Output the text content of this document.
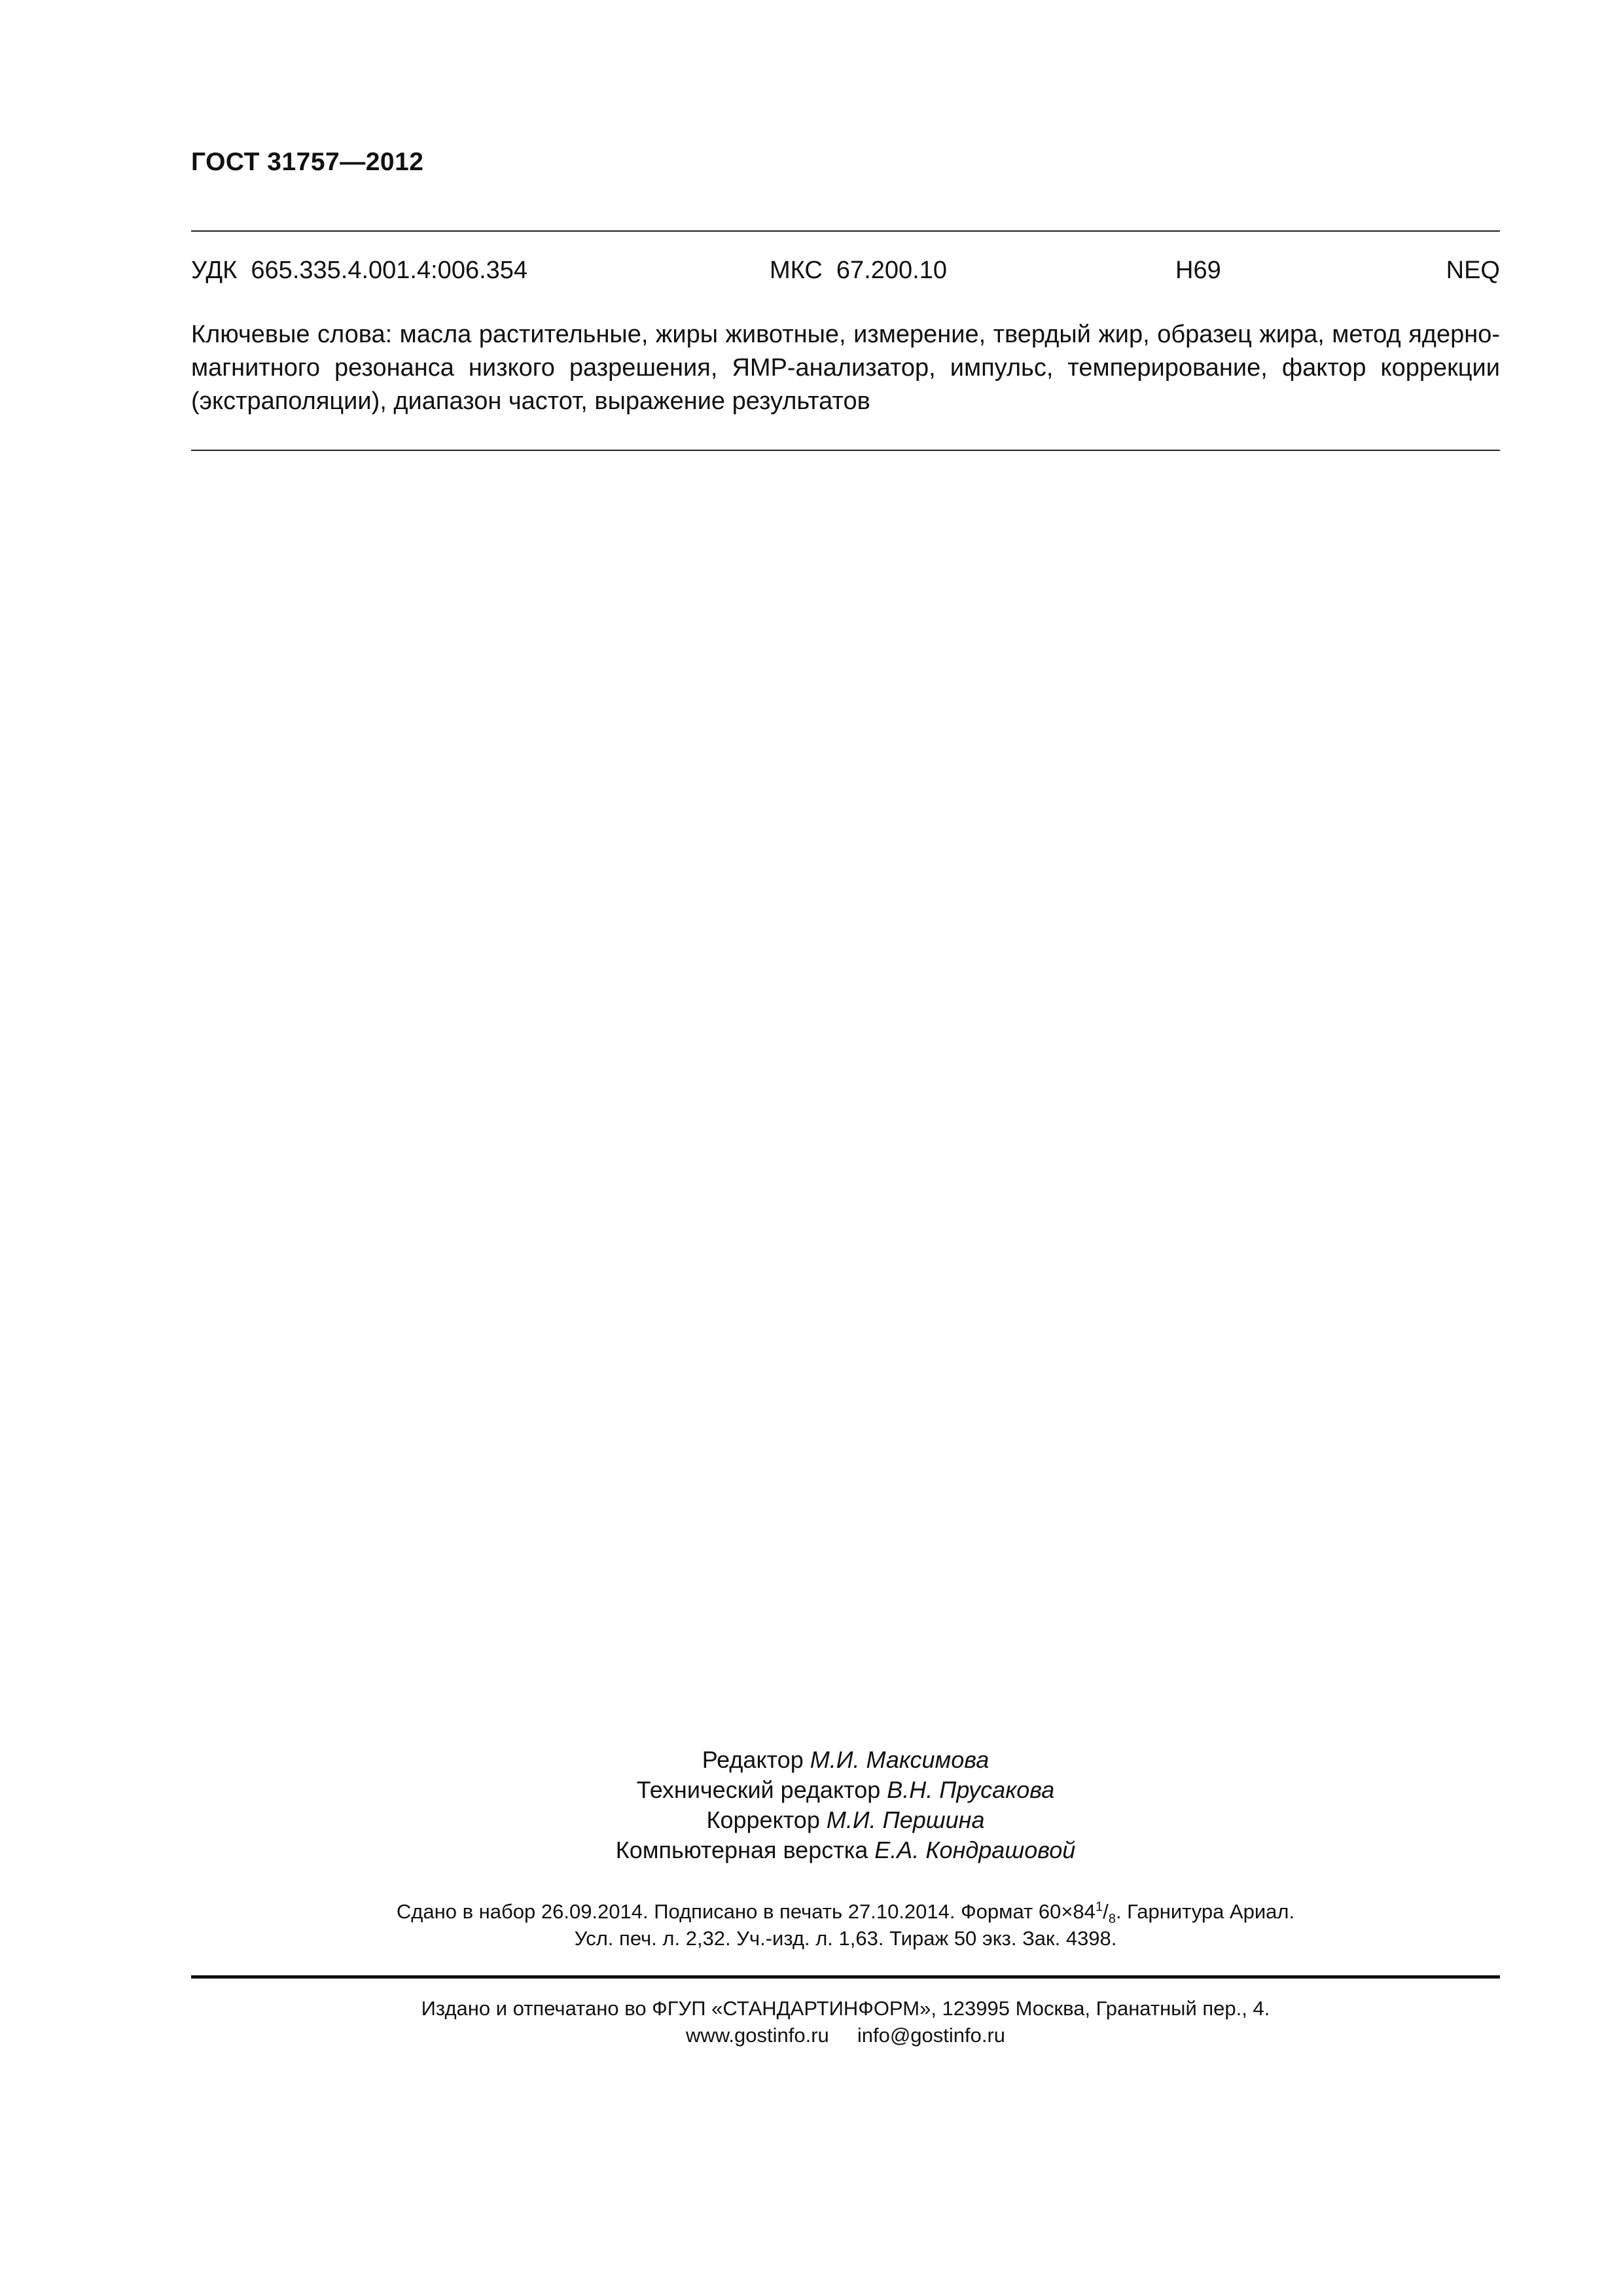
ГОСТ 31757—2012
УДК  665.335.4.001.4:006.354	МКС  67.200.10	Н69	NEQ
Ключевые слова: масла растительные, жиры животные, измерение, твердый жир, образец жира, метод ядерно-магнитного резонанса низкого разрешения, ЯМР-анализатор, импульс, темперирование, фактор коррекции (экстраполяции), диапазон частот, выражение результатов
Редактор М.И. Максимова
Технический редактор В.Н. Прусакова
Корректор М.И. Першина
Компьютерная верстка Е.А. Кондрашовой
Сдано в набор 26.09.2014. Подписано в печать 27.10.2014. Формат $60\times 84^1/_8$. Гарнитура Ариал.
Усл. печ. л. 2,32. Уч.-изд. л. 1,63. Тираж 50 экз. Зак. 4398.
Издано и отпечатано во ФГУП «СТАНДАРТИНФОРМ», 123995 Москва, Гранатный пер., 4.
www.gostinfo.ru     info@gostinfo.ru
